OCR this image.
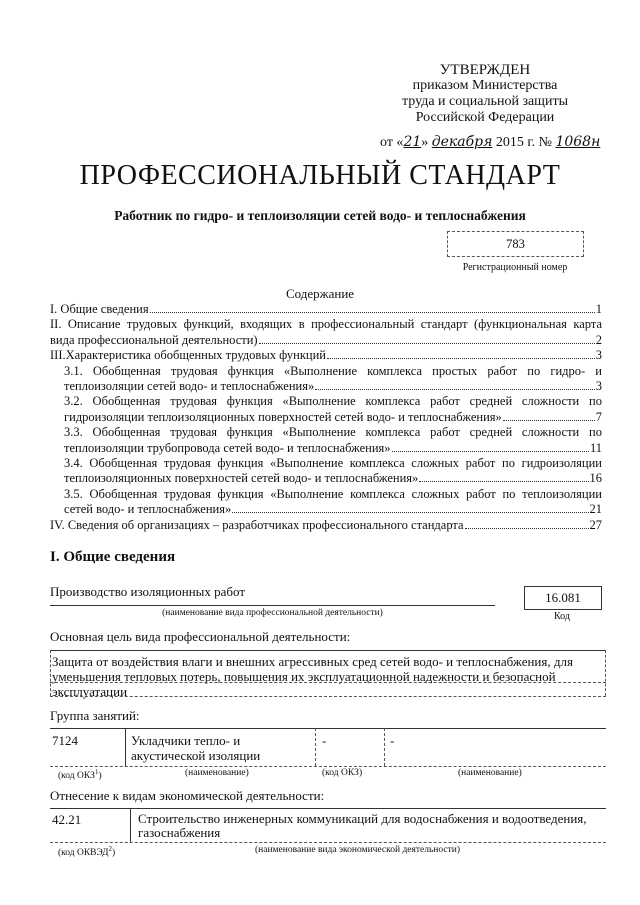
УТВЕРЖДЕН
приказом Министерства
труда и социальной защиты
Российской Федерации
от «21» декабря 2015 г. № 1068н
ПРОФЕССИОНАЛЬНЫЙ СТАНДАРТ
Работник по гидро- и теплоизоляции сетей водо- и теплоснабжения
783
Регистрационный номер
Содержание
I. Общие сведения	1
II. Описание трудовых функций, входящих в профессиональный стандарт (функциональная карта
вида профессиональной деятельности)	2
III.Характеристика обобщенных трудовых функций	3
3.1. Обобщенная трудовая функция «Выполнение комплекса простых работ по гидро- и
теплоизоляции сетей водо- и теплоснабжения»	3
3.2. Обобщенная трудовая функция «Выполнение комплекса работ средней сложности по
гидроизоляции теплоизоляционных поверхностей сетей водо- и теплоснабжения»	7
3.3. Обобщенная трудовая функция «Выполнение комплекса работ средней сложности по
теплоизоляции трубопровода сетей водо- и теплоснабжения»	11
3.4. Обобщенная трудовая функция «Выполнение комплекса сложных работ по гидроизоляции
теплоизоляционных поверхностей сетей водо- и теплоснабжения»	16
3.5. Обобщенная трудовая функция «Выполнение комплекса сложных работ по теплоизоляции
сетей водо- и теплоснабжения»	21
IV. Сведения об организациях – разработчиках профессионального стандарта	27
I. Общие сведения
Производство изоляционных работ
(наименование вида профессиональной деятельности)
16.081
Код
Основная цель вида профессиональной деятельности:
Защита от воздействия влаги и внешних агрессивных сред сетей водо- и теплоснабжения, для
уменьшения тепловых потерь, повышения их эксплуатационной надежности и безопасной
эксплуатации
Группа занятий:
7124	Укладчики тепло- и
акустической изоляции
-	-
(код ОКЗ$^1$)	(наименование)	(код ОКЗ)	(наименование)
Отнесение к видам экономической деятельности:
42.21	Строительство инженерных коммуникаций для водоснабжения и водоотведения,
газоснабжения
(код ОКВЭД$^2$)	(наименование вида экономической деятельности)
